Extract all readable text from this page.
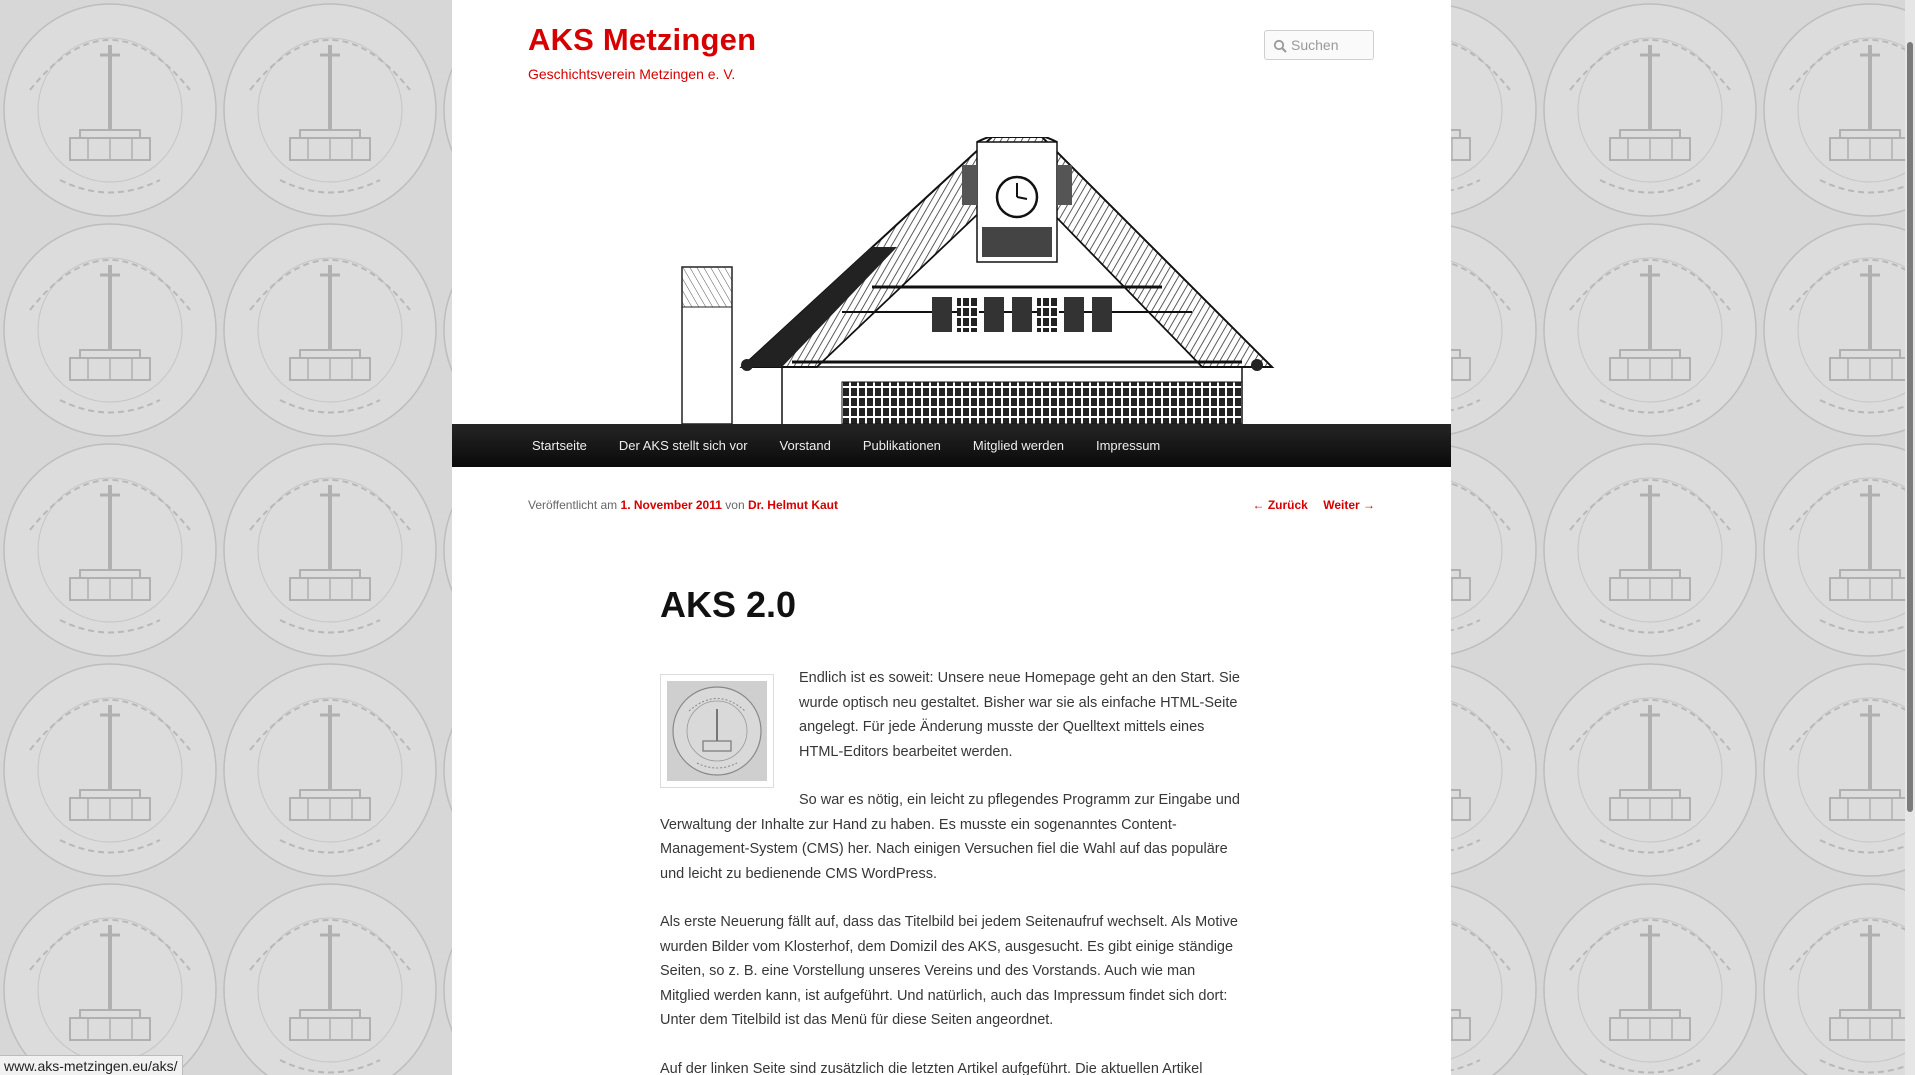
AKS Metzingen
Geschichtsverein Metzingen e. V.
Suchen
Startseite	Der AKS stellt sich vor	Vorstand	Publikationen	Mitglied werden	Impressum
Veröffentlicht am 1. November 2011 von Dr. Helmut Kaut	← Zurück Weiter →
AKS 2.0

Endlich ist es soweit: Unsere neue Homepage geht an den Start. Sie wurde optisch neu gestaltet. Bisher war sie als einfache HTML-Seite angelegt. Für jede Änderung musste der Quelltext mittels eines HTML-Editors bearbeitet werden.

So war es nötig, ein leicht zu pflegendes Programm zur Eingabe und Verwaltung der Inhalte zur Hand zu haben. Es musste ein sogenanntes Content-Management-System (CMS) her. Nach einigen Versuchen fiel die Wahl auf das populäre und leicht zu bedienende CMS WordPress.

Als erste Neuerung fällt auf, dass das Titelbild bei jedem Seitenaufruf wechselt. Als Motive wurden Bilder vom Klosterhof, dem Domizil des AKS, ausgesucht. Es gibt einige ständige Seiten, so z. B. eine Vorstellung unseres Vereins und des Vorstands. Auch wie man Mitglied werden kann, ist aufgeführt. Und natürlich, auch das Impressum findet sich dort: Unter dem Titelbild ist das Menü für diese Seiten angeordnet.

Auf der linken Seite sind zusätzlich die letzten Artikel aufgeführt. Die aktuellen Artikel

www.aks-metzingen.eu/aks/
